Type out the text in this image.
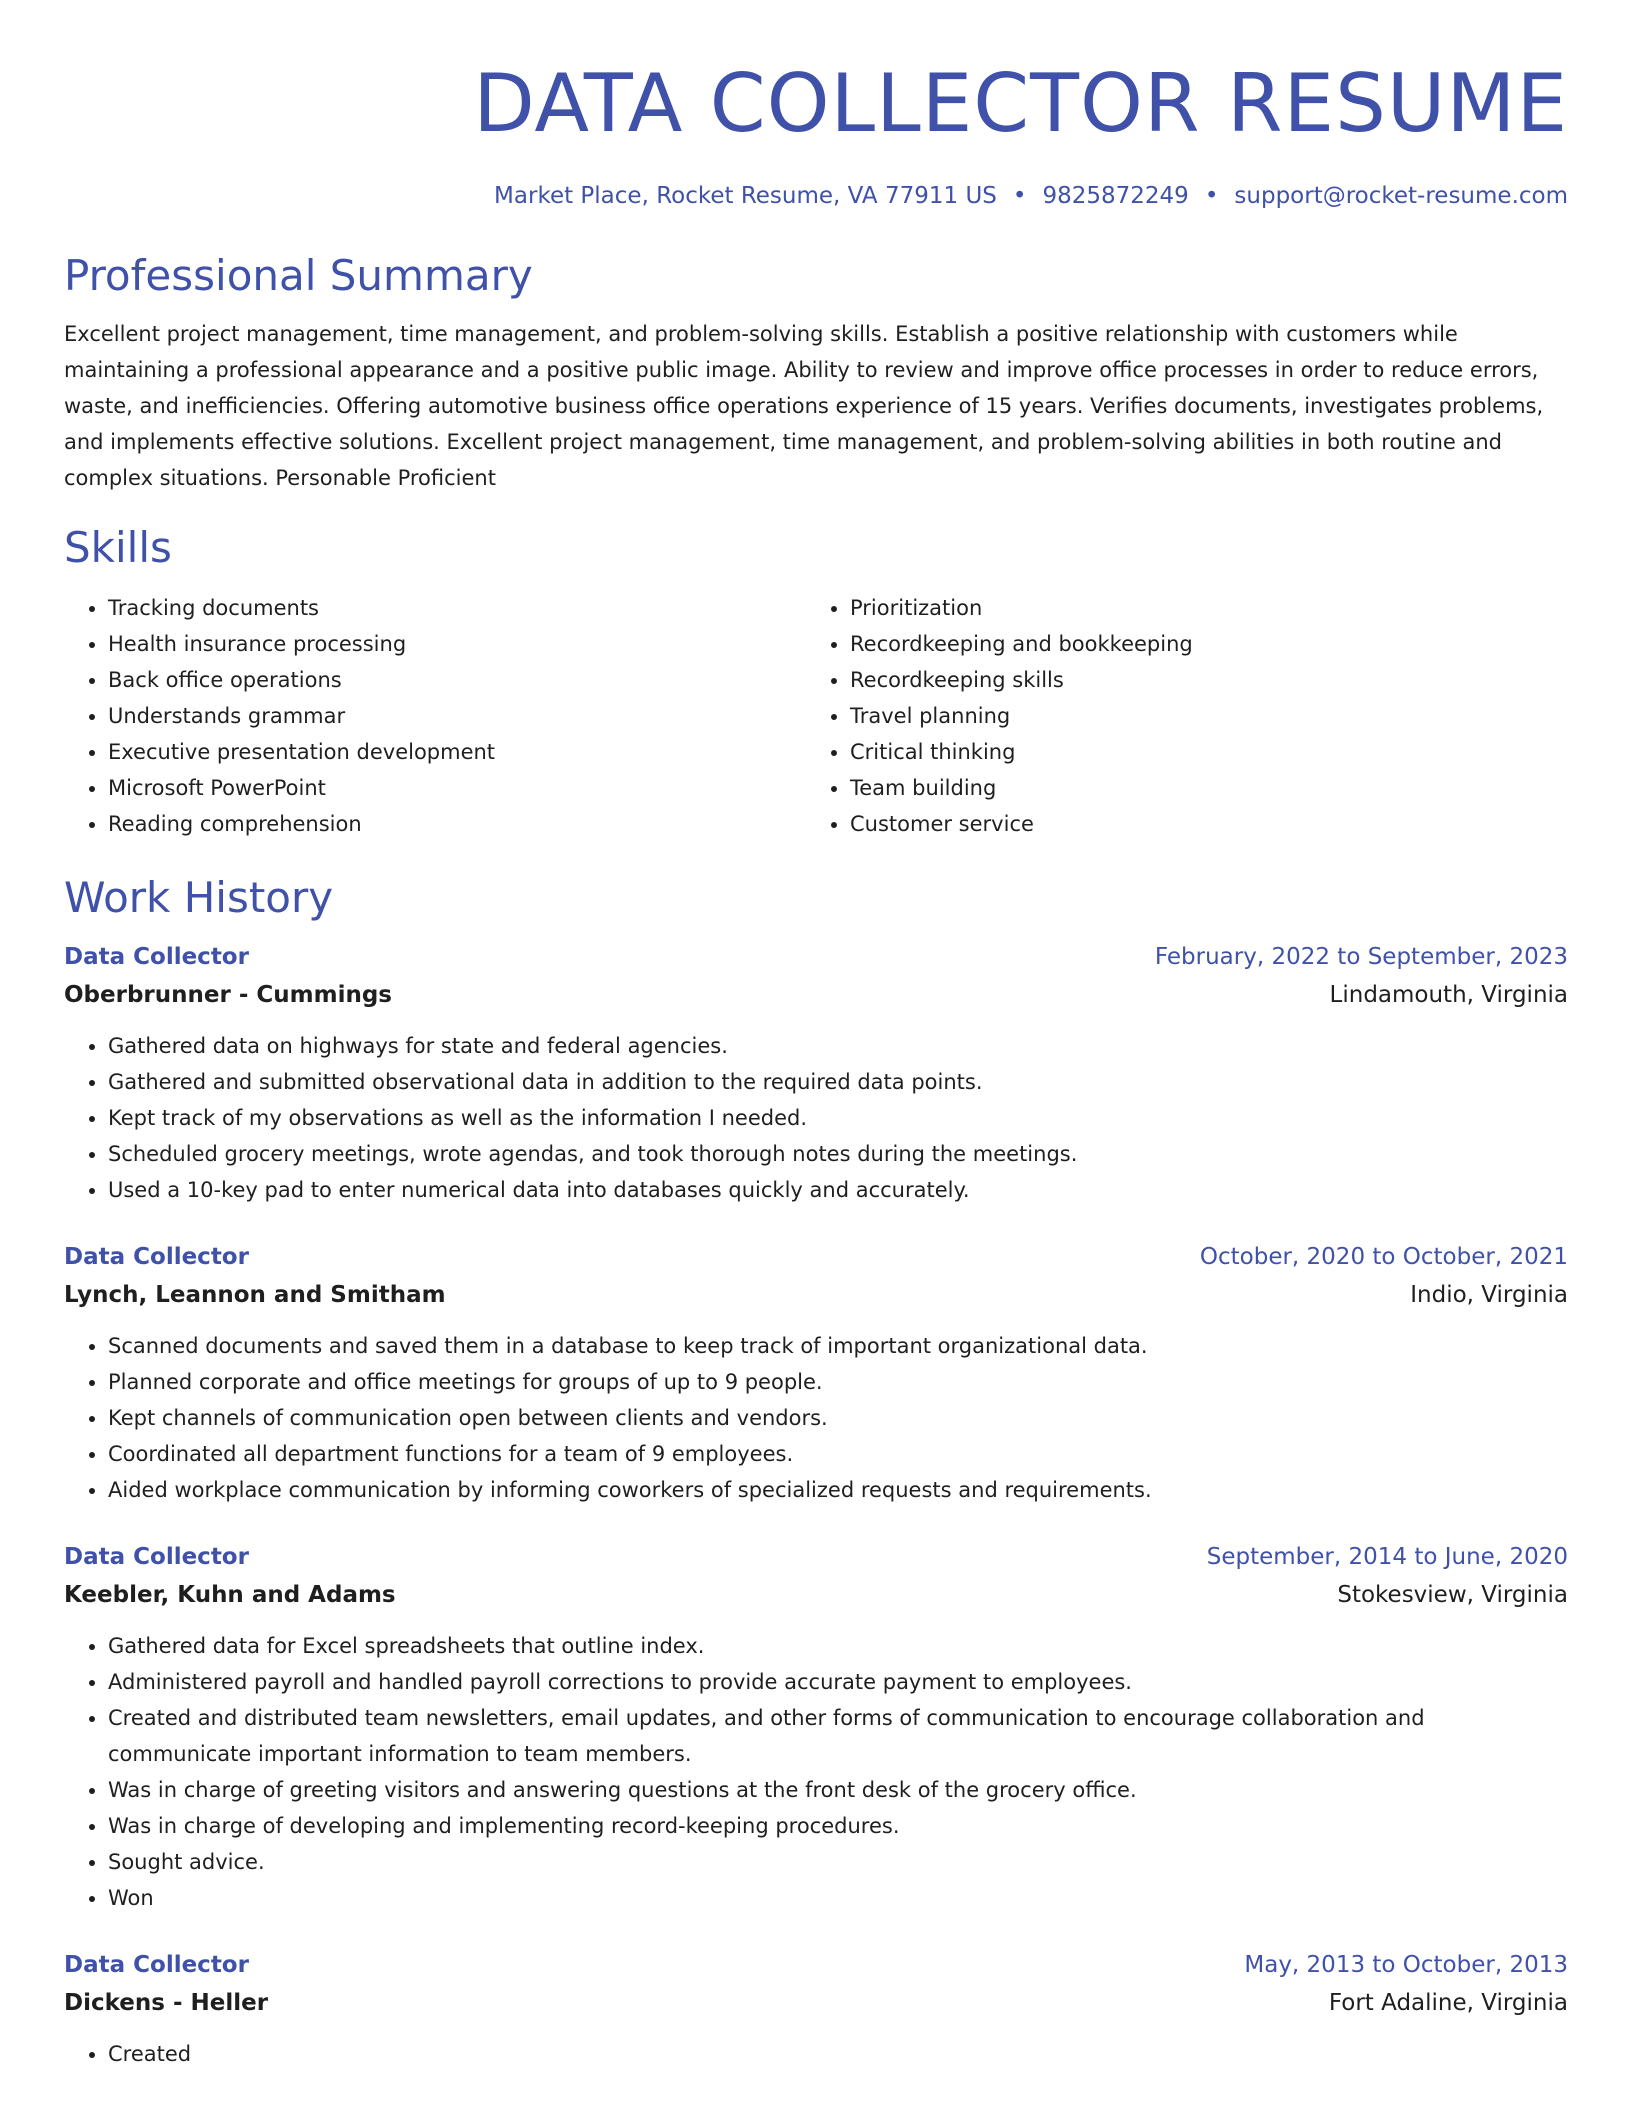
DATA COLLECTOR RESUME
Market Place, Rocket Resume, VA 77911 US • 9825872249 • support@rocket-resume.com
Professional Summary
Excellent project management, time management, and problem-solving skills. Establish a positive relationship with customers while maintaining a professional appearance and a positive public image. Ability to review and improve office processes in order to reduce errors, waste, and inefficiencies. Offering automotive business office operations experience of 15 years. Verifies documents, investigates problems, and implements effective solutions. Excellent project management, time management, and problem-solving abilities in both routine and complex situations. Personable Proficient
Skills
• Tracking documents
• Health insurance processing
• Back office operations
• Understands grammar
• Executive presentation development
• Microsoft PowerPoint
• Reading comprehension
• Prioritization
• Recordkeeping and bookkeeping
• Recordkeeping skills
• Travel planning
• Critical thinking
• Team building
• Customer service
Work History
Data Collector	February, 2022 to September, 2023
Oberbrunner - Cummings	Lindamouth, Virginia
• Gathered data on highways for state and federal agencies.
• Gathered and submitted observational data in addition to the required data points.
• Kept track of my observations as well as the information I needed.
• Scheduled grocery meetings, wrote agendas, and took thorough notes during the meetings.
• Used a 10-key pad to enter numerical data into databases quickly and accurately.
Data Collector	October, 2020 to October, 2021
Lynch, Leannon and Smitham	Indio, Virginia
• Scanned documents and saved them in a database to keep track of important organizational data.
• Planned corporate and office meetings for groups of up to 9 people.
• Kept channels of communication open between clients and vendors.
• Coordinated all department functions for a team of 9 employees.
• Aided workplace communication by informing coworkers of specialized requests and requirements.
Data Collector	September, 2014 to June, 2020
Keebler, Kuhn and Adams	Stokesview, Virginia
• Gathered data for Excel spreadsheets that outline index.
• Administered payroll and handled payroll corrections to provide accurate payment to employees.
• Created and distributed team newsletters, email updates, and other forms of communication to encourage collaboration and communicate important information to team members.
• Was in charge of greeting visitors and answering questions at the front desk of the grocery office.
• Was in charge of developing and implementing record-keeping procedures.
• Sought advice.
• Won
Data Collector	May, 2013 to October, 2013
Dickens - Heller	Fort Adaline, Virginia
• Created
